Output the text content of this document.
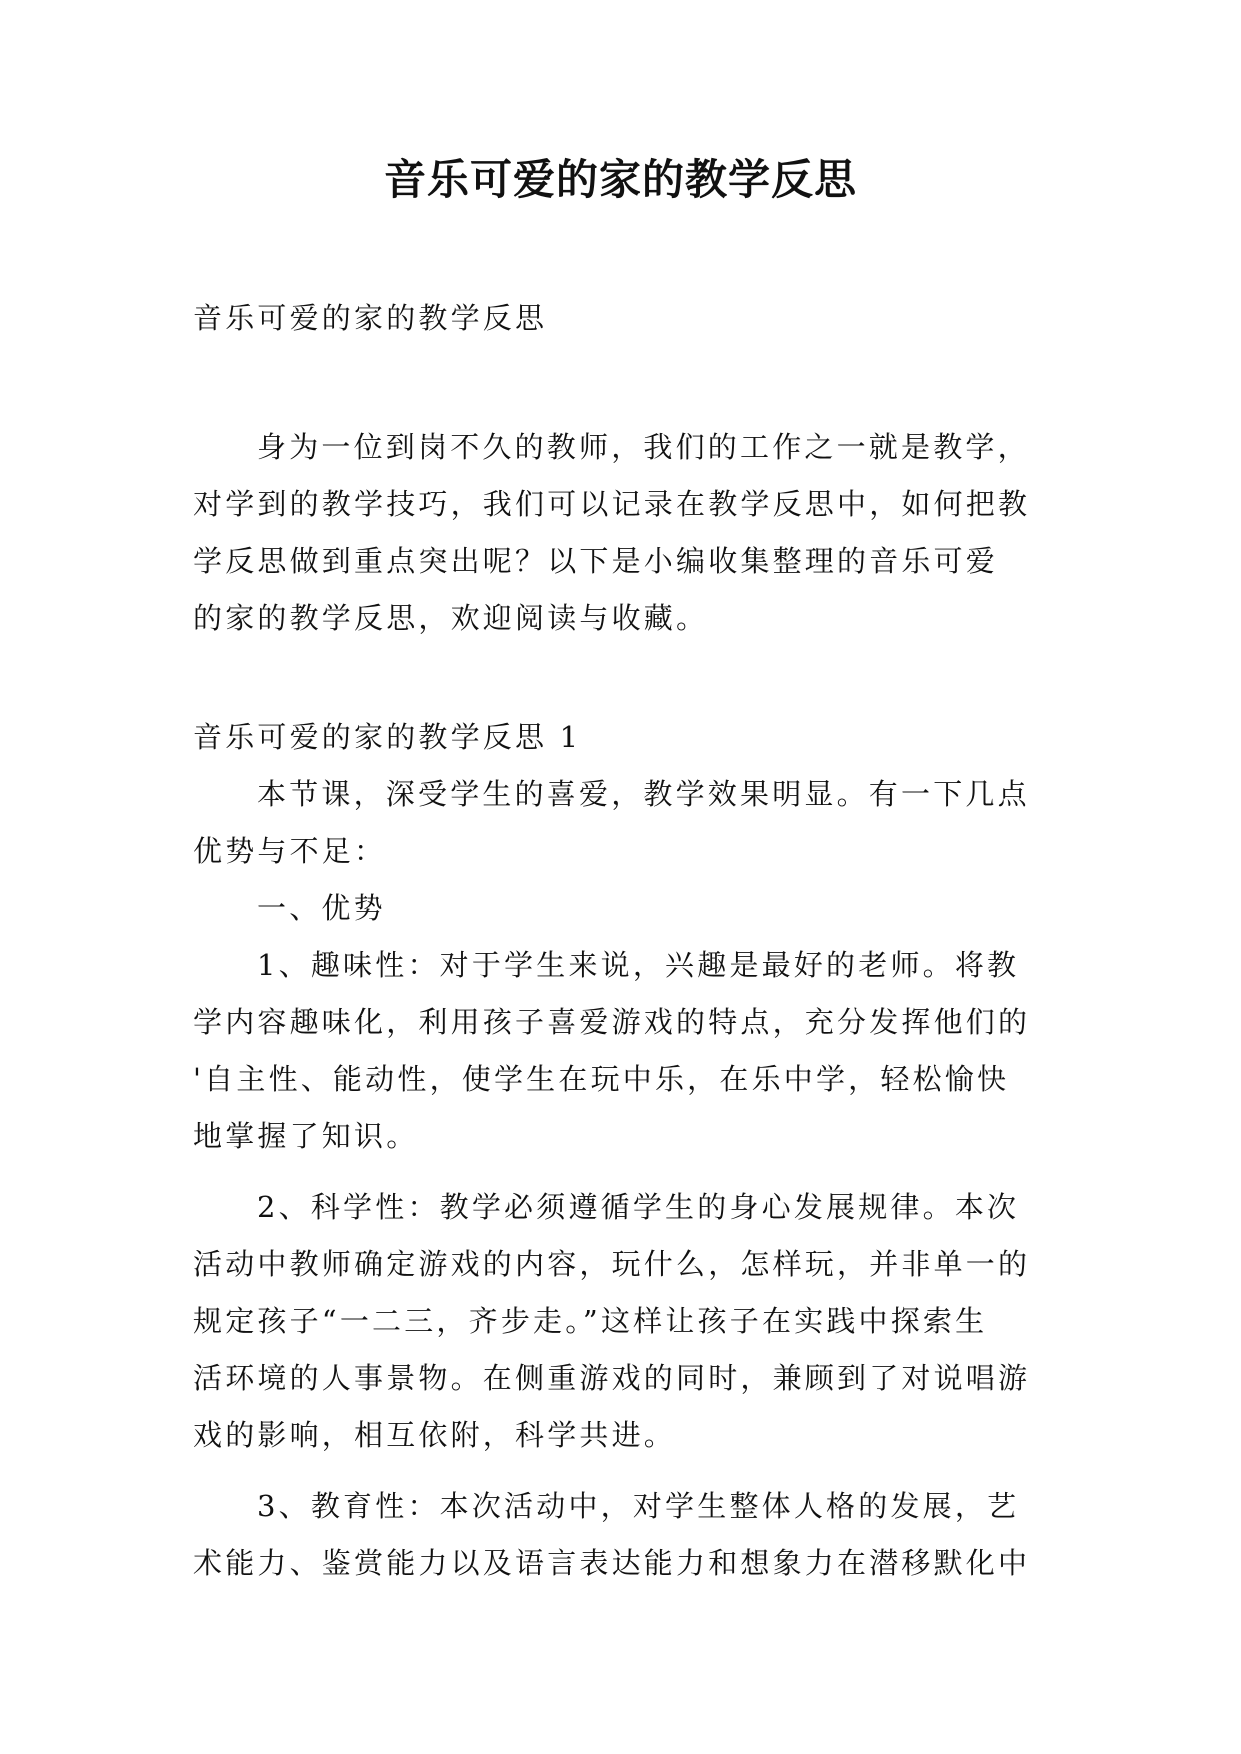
音乐可爱的家的教学反思

音乐可爱的家的教学反思

身为一位到岗不久的教师，我们的工作之一就是教学，

对学到的教学技巧，我们可以记录在教学反思中，如何把教

学反思做到重点突出呢？以下是小编收集整理的音乐可爱

的家的教学反思，欢迎阅读与收藏。

音乐可爱的家的教学反思 1

本节课，深受学生的喜爱，教学效果明显。有一下几点

优势与不足：

一、优势

1、趣味性：对于学生来说，兴趣是最好的老师。将教

学内容趣味化，利用孩子喜爱游戏的特点，充分发挥他们的

'自主性、能动性，使学生在玩中乐，在乐中学，轻松愉快

地掌握了知识。

2、科学性：教学必须遵循学生的身心发展规律。本次

活动中教师确定游戏的内容，玩什么，怎样玩，并非单一的

规定孩子“一二三，齐步走。”这样让孩子在实践中探索生

活环境的人事景物。在侧重游戏的同时，兼顾到了对说唱游

戏的影响，相互依附，科学共进。

3、教育性：本次活动中，对学生整体人格的发展，艺

术能力、鉴赏能力以及语言表达能力和想象力在潜移默化中
